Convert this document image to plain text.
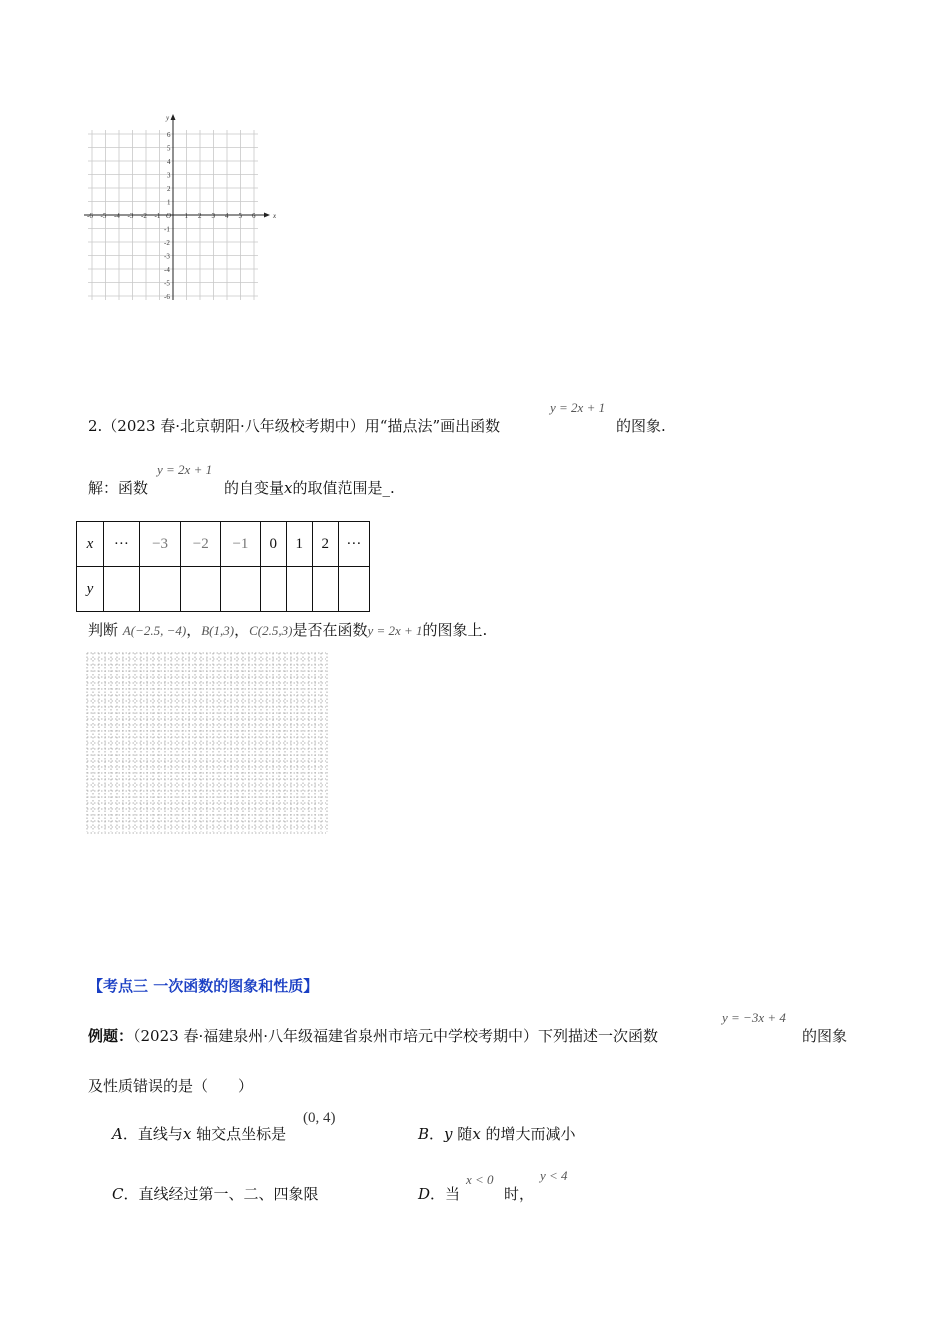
-6 -5 -4 -3 -2 -1	1 2 3 4 5 6
6
5
4
3
2
1
-1
-2
-3
-4
-5
-6
x
y
O
2.（2023 春·北京朝阳·八年级校考期中）用“描点法”画出函数
y = 2x + 1
的图象.
解：函数
y = 2x + 1
的自变量x的取值范围是_.
x	···	−3	−2	−1	0	1	2	···
y								
判断 A(−2.5, −4)，B(1,3)，C(2.5,3)是否在函数y = 2x + 1的图象上.
【考点三 一次函数的图象和性质】
例题：（2023 春·福建泉州·八年级福建省泉州市培元中学校考期中）下列描述一次函数
y = −3x + 4
的图象
及性质错误的是（　　）
A．直线与x 轴交点坐标是
(0, 4)
B．y 随x 的增大而减小
C．直线经过第一、二、四象限	D．当
x < 0
时，
y < 4
